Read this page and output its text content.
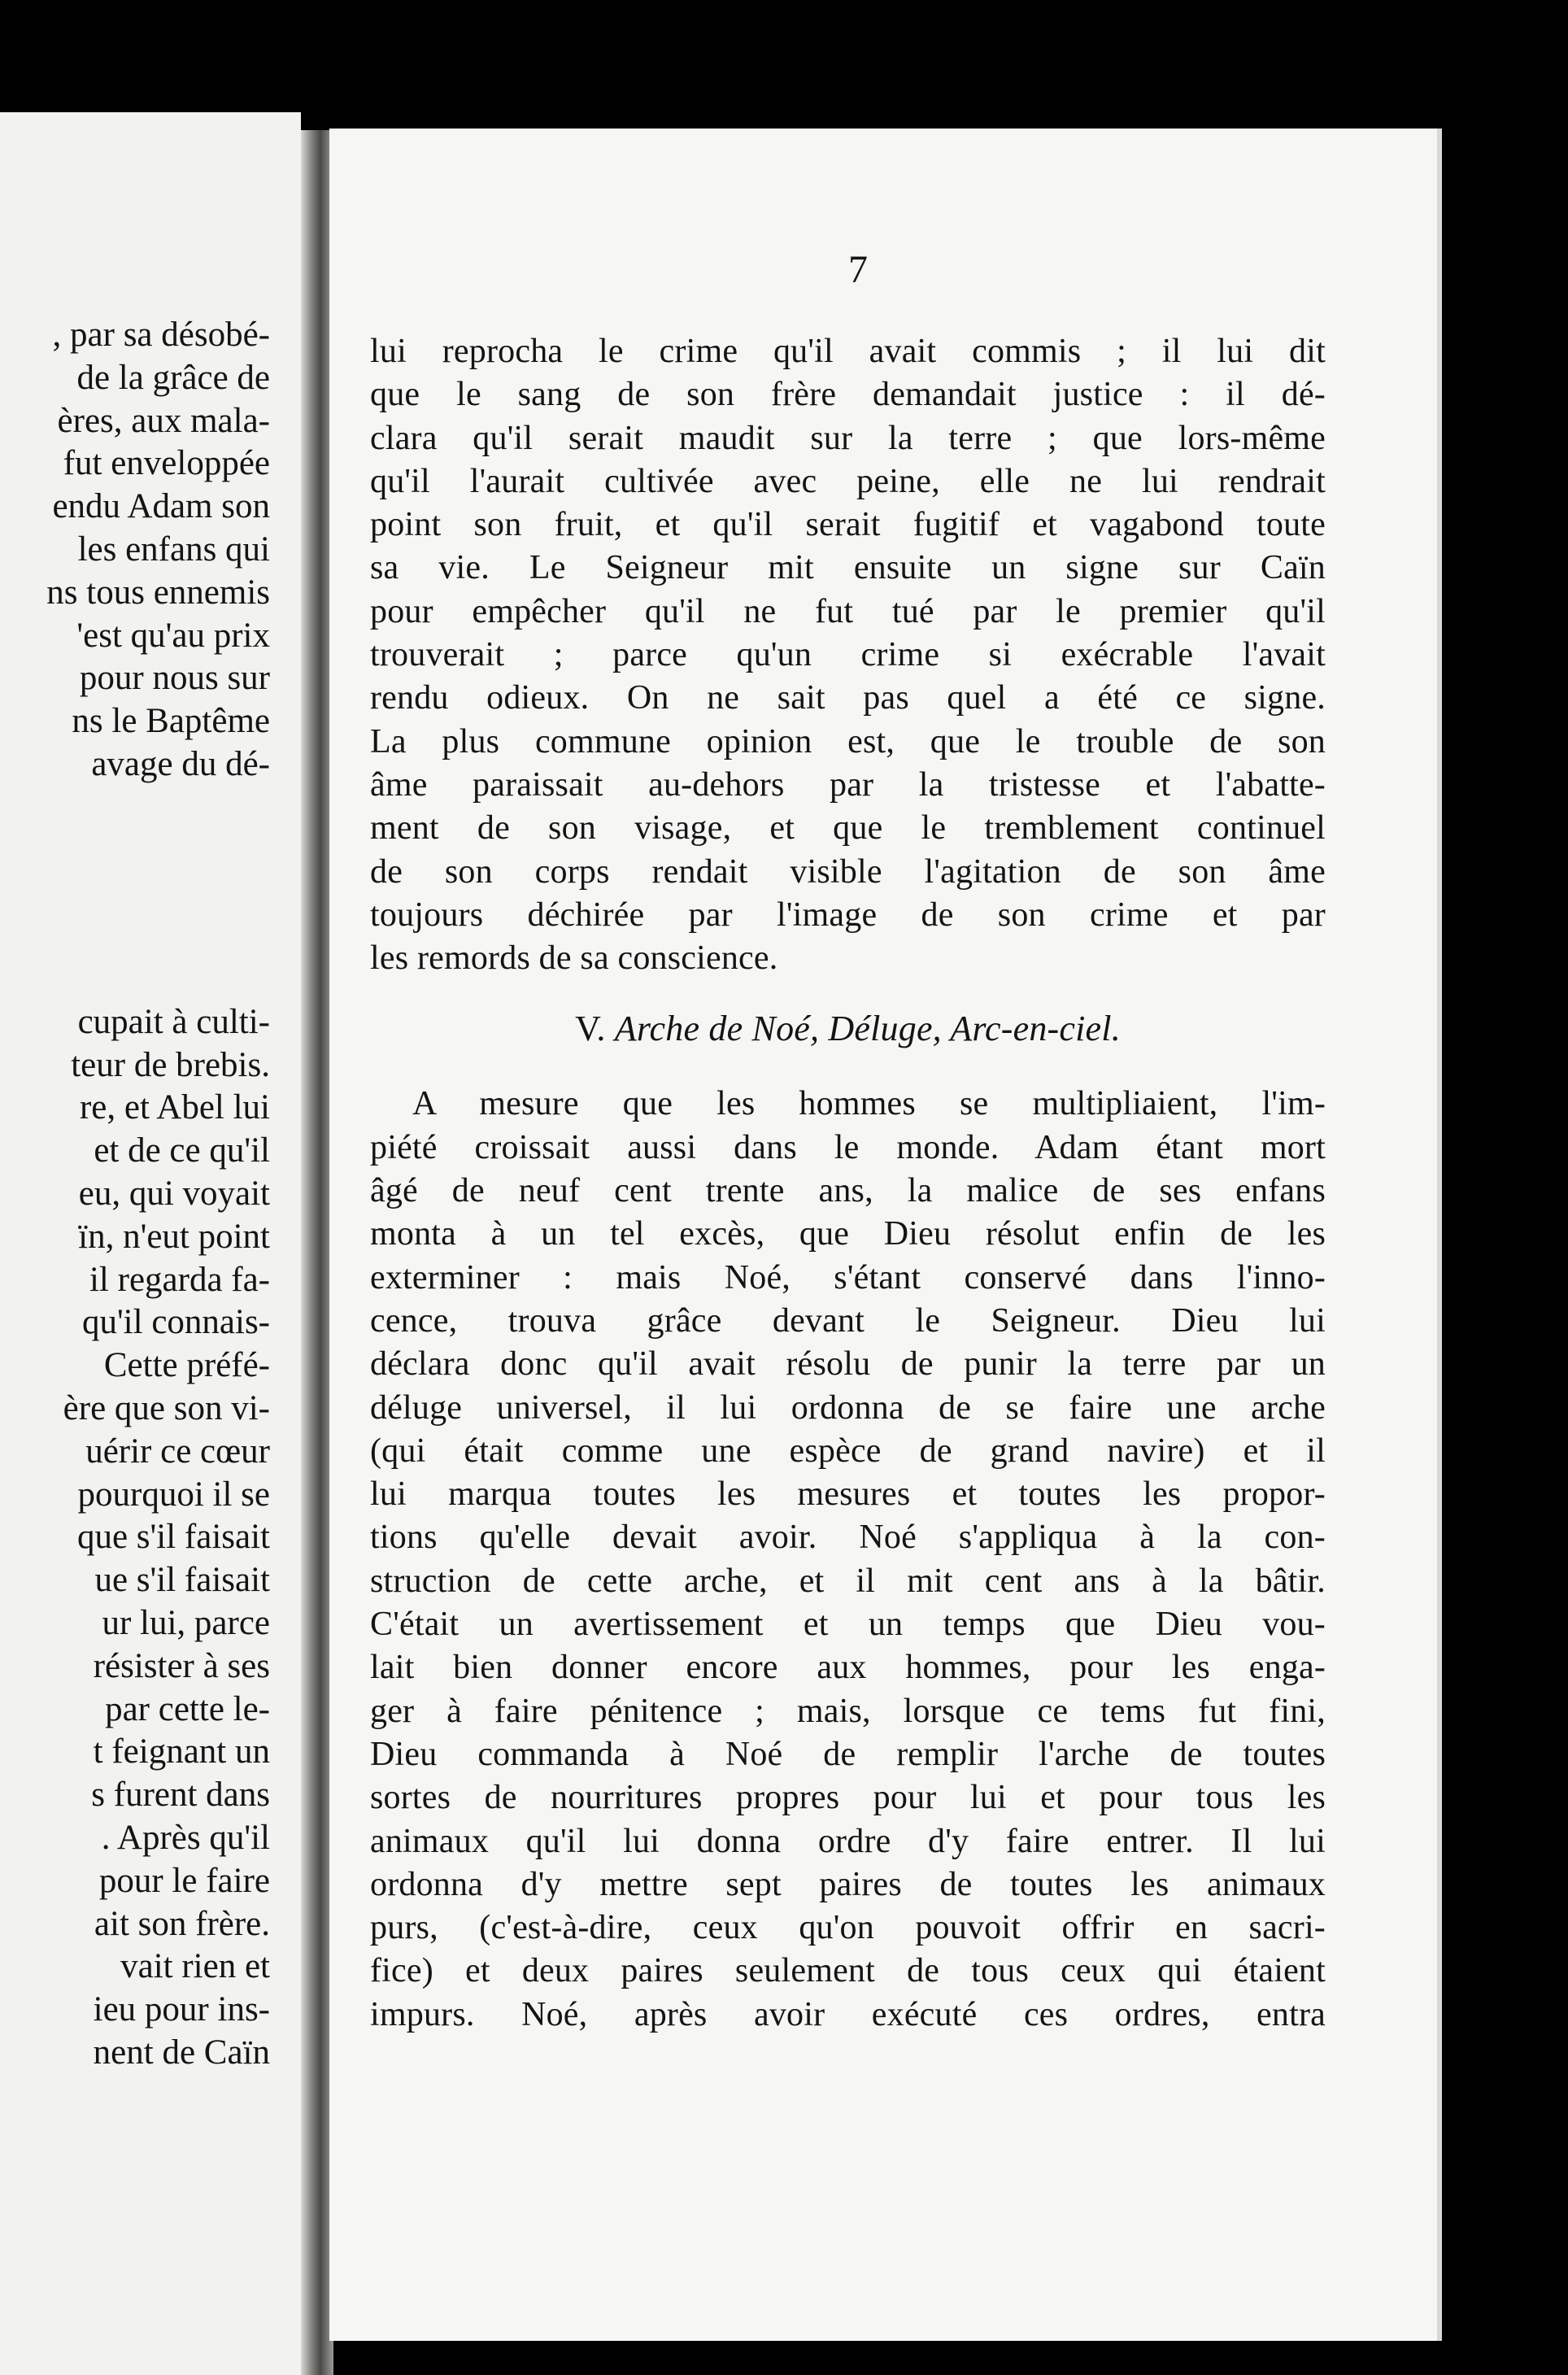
, par sa désobé-
de la grâce de
ères, aux mala-
fut enveloppée
endu Adam son
les enfans qui
ns tous ennemis
'est qu'au prix
pour nous sur
ns le Baptême
avage du dé-
cupait à culti-
teur de brebis.
re, et Abel lui
et de ce qu'il
eu, qui voyait
ïn, n'eut point
il regarda fa-
qu'il connais-
Cette préfé-
ère que son vi-
uérir ce cœur
pourquoi il se
que s'il faisait
ue s'il faisait
ur lui, parce
résister à ses
par cette le-
t feignant un
s furent dans
. Après qu'il
pour le faire
ait son frère.
vait rien et
ieu pour ins-
nent de Caïn
7
lui reprocha le crime qu'il avait commis ; il lui dit
que le sang de son frère demandait justice : il dé-
clara qu'il serait maudit sur la terre ; que lors-même
qu'il l'aurait cultivée avec peine, elle ne lui rendrait
point son fruit, et qu'il serait fugitif et vagabond toute
sa vie. Le Seigneur mit ensuite un signe sur Caïn
pour empêcher qu'il ne fut tué par le premier qu'il
trouverait ; parce qu'un crime si exécrable l'avait
rendu odieux. On ne sait pas quel a été ce signe.
La plus commune opinion est, que le trouble de son
âme paraissait au-dehors par la tristesse et l'abatte-
ment de son visage, et que le tremblement continuel
de son corps rendait visible l'agitation de son âme
toujours déchirée par l'image de son crime et par
les remords de sa conscience.
V. Arche de Noé, Déluge, Arc-en-ciel.
A mesure que les hommes se multipliaient, l'im-
piété croissait aussi dans le monde. Adam étant mort
âgé de neuf cent trente ans, la malice de ses enfans
monta à un tel excès, que Dieu résolut enfin de les
exterminer : mais Noé, s'étant conservé dans l'inno-
cence, trouva grâce devant le Seigneur. Dieu lui
déclara donc qu'il avait résolu de punir la terre par un
déluge universel, il lui ordonna de se faire une arche
(qui était comme une espèce de grand navire) et il
lui marqua toutes les mesures et toutes les propor-
tions qu'elle devait avoir. Noé s'appliqua à la con-
struction de cette arche, et il mit cent ans à la bâtir.
C'était un avertissement et un temps que Dieu vou-
lait bien donner encore aux hommes, pour les enga-
ger à faire pénitence ; mais, lorsque ce tems fut fini,
Dieu commanda à Noé de remplir l'arche de toutes
sortes de nourritures propres pour lui et pour tous les
animaux qu'il lui donna ordre d'y faire entrer. Il lui
ordonna d'y mettre sept paires de toutes les animaux
purs, (c'est-à-dire, ceux qu'on pouvoit offrir en sacri-
fice) et deux paires seulement de tous ceux qui étaient
impurs. Noé, après avoir exécuté ces ordres, entra
